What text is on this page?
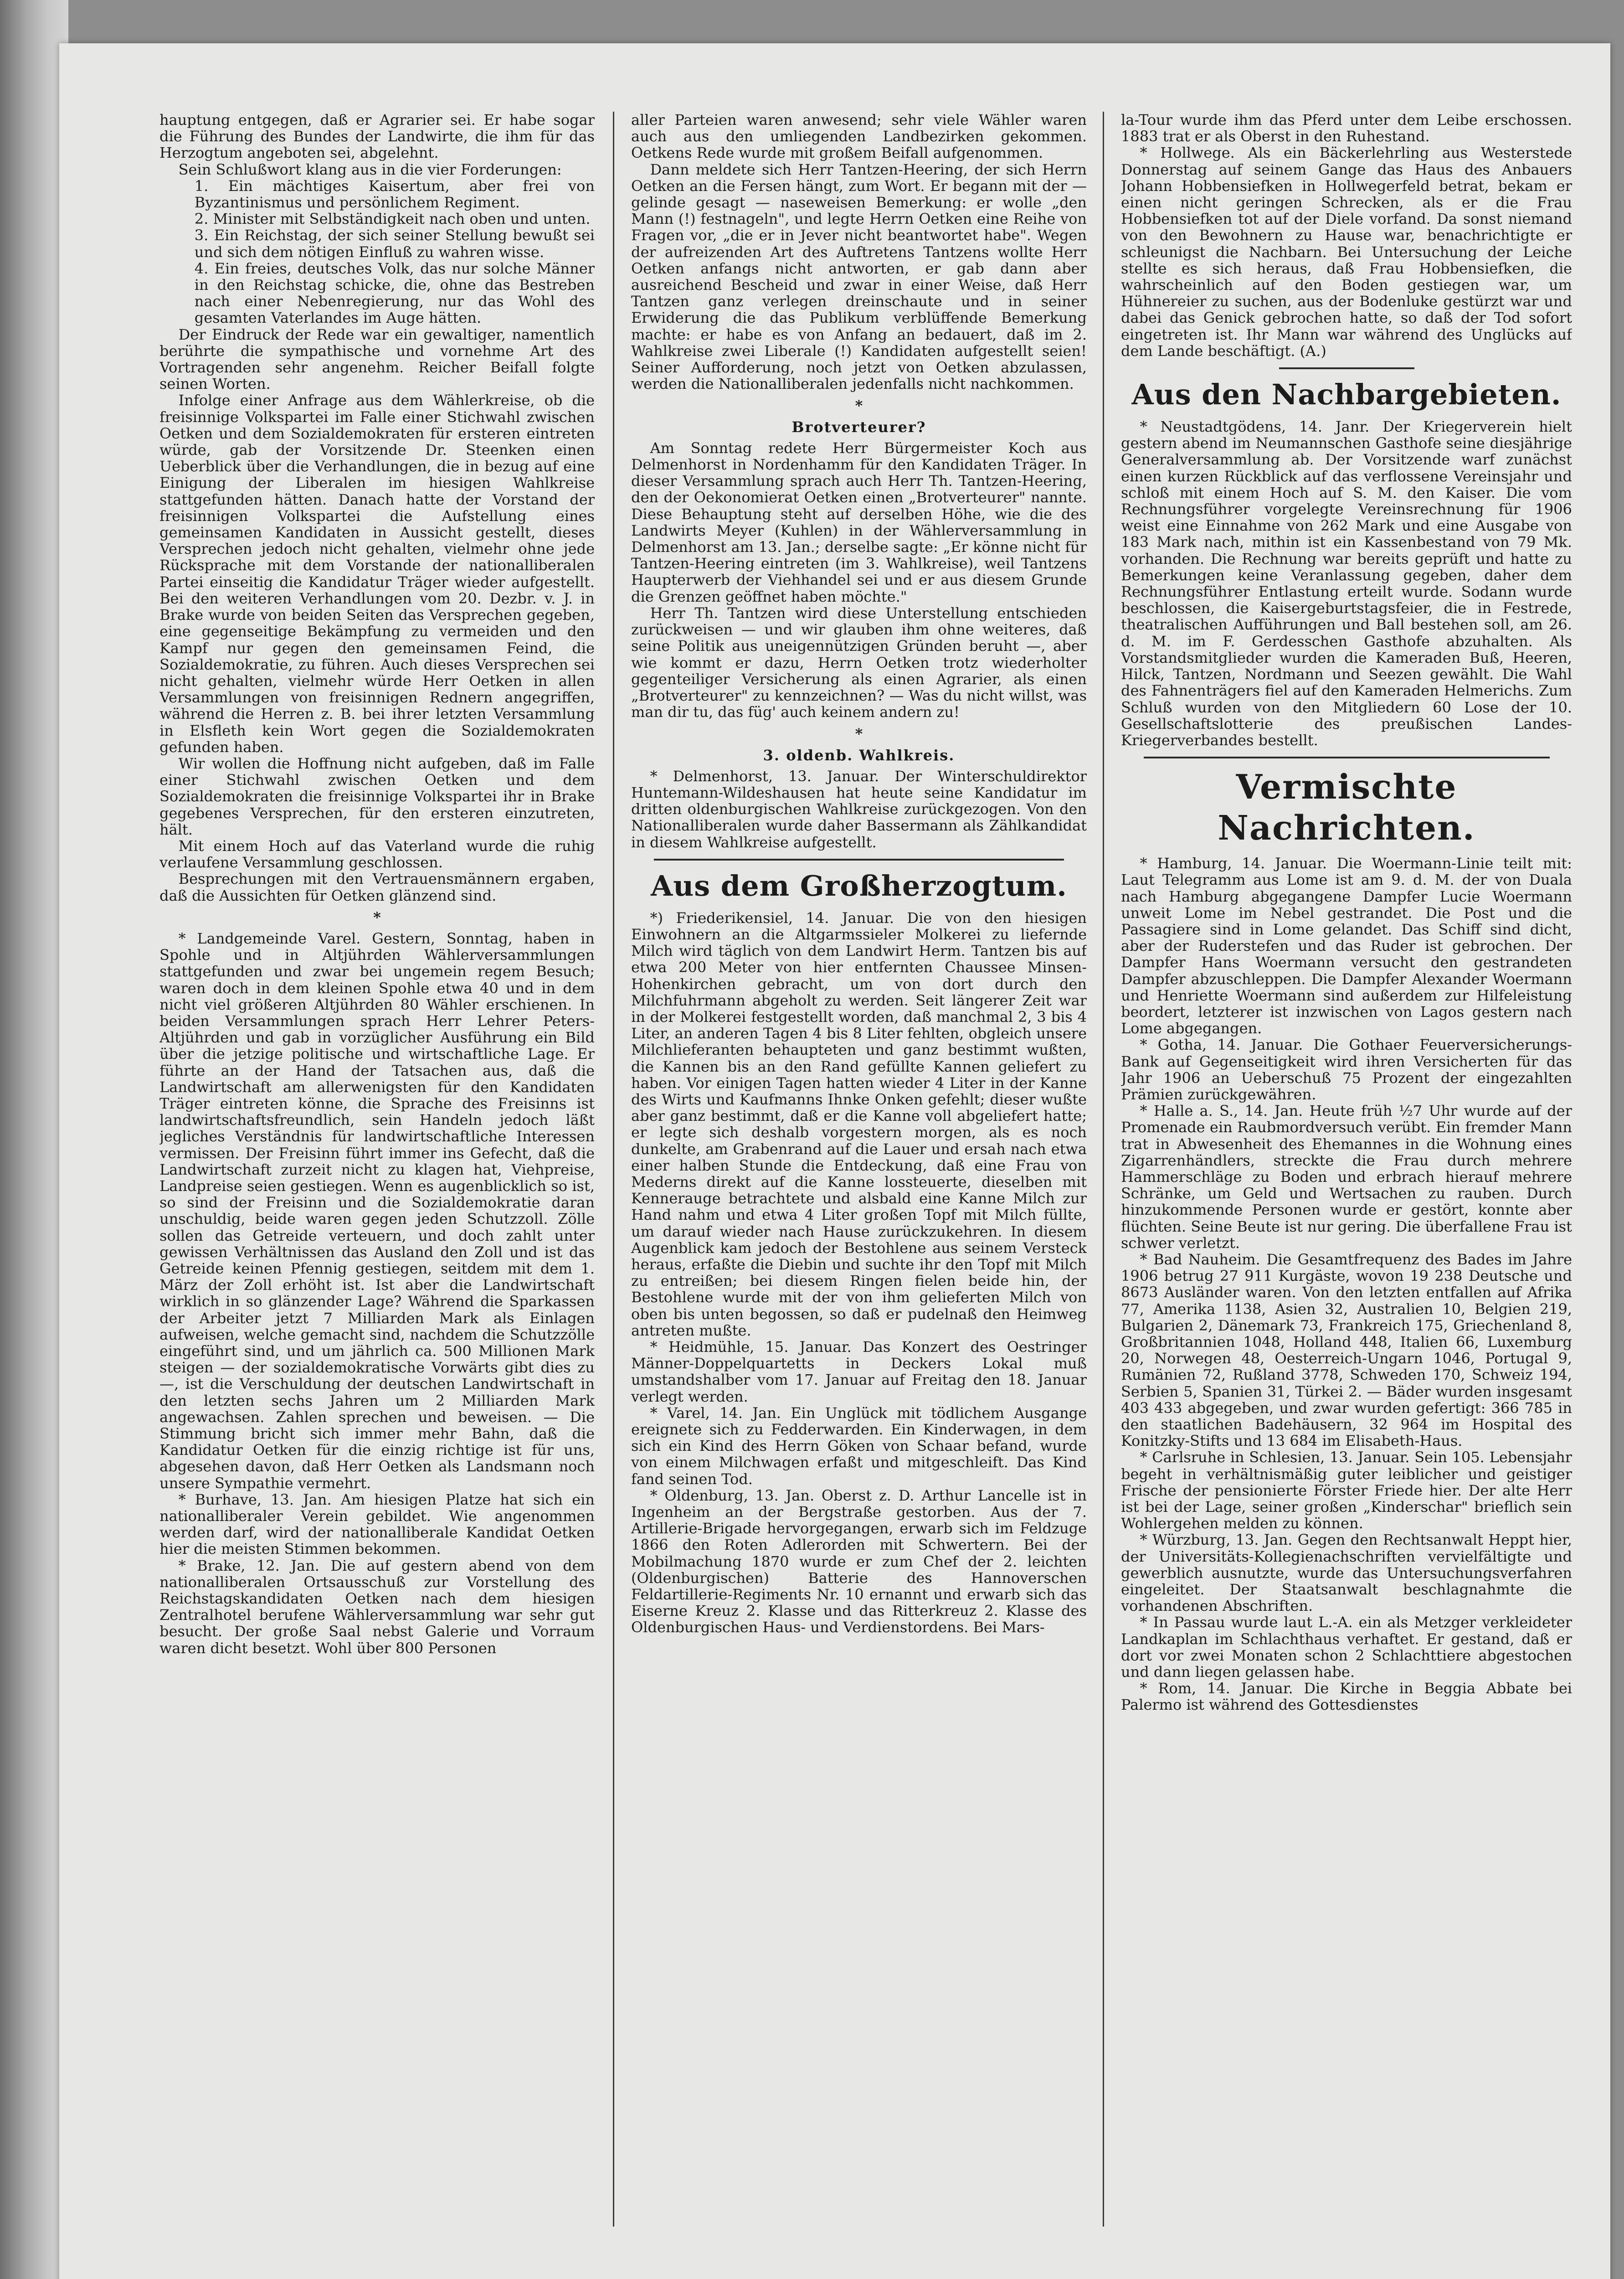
hauptung entgegen, daß er Agrarier sei. Er habe sogar die Führung des Bundes der Landwirte, die ihm für das Herzogtum angeboten sei, abgelehnt.

Sein Schlußwort klang aus in die vier Forderungen:

1. Ein mächtiges Kaisertum, aber frei von Byzantinismus und persönlichem Regiment.

2. Minister mit Selbständigkeit nach oben und unten.

3. Ein Reichstag, der sich seiner Stellung bewußt sei und sich dem nötigen Einfluß zu wahren wisse.

4. Ein freies, deutsches Volk, das nur solche Männer in den Reichstag schicke, die, ohne das Bestreben nach einer Nebenregierung, nur das Wohl des gesamten Vaterlandes im Auge hätten.

Der Eindruck der Rede war ein gewaltiger, namentlich berührte die sympathische und vornehme Art des Vortragenden sehr angenehm. Reicher Beifall folgte seinen Worten.

Infolge einer Anfrage aus dem Wählerkreise, ob die freisinnige Volkspartei im Falle einer Stichwahl zwischen Oetken und dem Sozialdemokraten für ersteren eintreten würde, gab der Vorsitzende Dr. Steenken einen Ueberblick über die Verhandlungen, die in bezug auf eine Einigung der Liberalen im hiesigen Wahlkreise stattgefunden hätten. Danach hatte der Vorstand der freisinnigen Volkspartei die Aufstellung eines gemeinsamen Kandidaten in Aussicht gestellt, dieses Versprechen jedoch nicht gehalten, vielmehr ohne jede Rücksprache mit dem Vorstande der nationalliberalen Partei einseitig die Kandidatur Träger wieder aufgestellt. Bei den weiteren Verhandlungen vom 20. Dezbr. v. J. in Brake wurde von beiden Seiten das Versprechen gegeben, eine gegenseitige Bekämpfung zu vermeiden und den Kampf nur gegen den gemeinsamen Feind, die Sozialdemokratie, zu führen. Auch dieses Versprechen sei nicht gehalten, vielmehr würde Herr Oetken in allen Versammlungen von freisinnigen Rednern angegriffen, während die Herren z. B. bei ihrer letzten Versammlung in Elsfleth kein Wort gegen die Sozialdemokraten gefunden haben.

Wir wollen die Hoffnung nicht aufgeben, daß im Falle einer Stichwahl zwischen Oetken und dem Sozialdemokraten die freisinnige Volkspartei ihr in Brake gegebenes Versprechen, für den ersteren einzutreten, hält.

Mit einem Hoch auf das Vaterland wurde die ruhig verlaufene Versammlung geschlossen.

Besprechungen mit den Vertrauensmännern ergaben, daß die Aussichten für Oetken glänzend sind.

*

* Landgemeinde Varel. Gestern, Sonntag, haben in Spohle und in Altjührden Wählerversammlungen stattgefunden und zwar bei ungemein regem Besuch; waren doch in dem kleinen Spohle etwa 40 und in dem nicht viel größeren Altjührden 80 Wähler erschienen. In beiden Versammlungen sprach Herr Lehrer Peters-Altjührden und gab in vorzüglicher Ausführung ein Bild über die jetzige politische und wirtschaftliche Lage. Er führte an der Hand der Tatsachen aus, daß die Landwirtschaft am allerwenigsten für den Kandidaten Träger eintreten könne, die Sprache des Freisinns ist landwirtschaftsfreundlich, sein Handeln jedoch läßt jegliches Verständnis für landwirtschaftliche Interessen vermissen. Der Freisinn führt immer ins Gefecht, daß die Landwirtschaft zurzeit nicht zu klagen hat, Viehpreise, Landpreise seien gestiegen. Wenn es augenblicklich so ist, so sind der Freisinn und die Sozialdemokratie daran unschuldig, beide waren gegen jeden Schutzzoll. Zölle sollen das Getreide verteuern, und doch zahlt unter gewissen Verhältnissen das Ausland den Zoll und ist das Getreide keinen Pfennig gestiegen, seitdem mit dem 1. März der Zoll erhöht ist. Ist aber die Landwirtschaft wirklich in so glänzender Lage? Während die Sparkassen der Arbeiter jetzt 7 Milliarden Mark als Einlagen aufweisen, welche gemacht sind, nachdem die Schutzzölle eingeführt sind, und um jährlich ca. 500 Millionen Mark steigen — der sozialdemokratische Vorwärts gibt dies zu —, ist die Verschuldung der deutschen Landwirtschaft in den letzten sechs Jahren um 2 Milliarden Mark angewachsen. Zahlen sprechen und beweisen. — Die Stimmung bricht sich immer mehr Bahn, daß die Kandidatur Oetken für die einzig richtige ist für uns, abgesehen davon, daß Herr Oetken als Landsmann noch unsere Sympathie vermehrt.

* Burhave, 13. Jan. Am hiesigen Platze hat sich ein nationalliberaler Verein gebildet. Wie angenommen werden darf, wird der nationalliberale Kandidat Oetken hier die meisten Stimmen bekommen.

* Brake, 12. Jan. Die auf gestern abend von dem nationalliberalen Ortsausschuß zur Vorstellung des Reichstagskandidaten Oetken nach dem hiesigen Zentralhotel berufene Wählerversammlung war sehr gut besucht. Der große Saal nebst Galerie und Vorraum waren dicht besetzt. Wohl über 800 Personen

aller Parteien waren anwesend; sehr viele Wähler waren auch aus den umliegenden Landbezirken gekommen. Oetkens Rede wurde mit großem Beifall aufgenommen.

Dann meldete sich Herr Tantzen-Heering, der sich Herrn Oetken an die Fersen hängt, zum Wort. Er begann mit der — gelinde gesagt — naseweisen Bemerkung: er wolle „den Mann (!) festnageln", und legte Herrn Oetken eine Reihe von Fragen vor, „die er in Jever nicht beantwortet habe". Wegen der aufreizenden Art des Auftretens Tantzens wollte Herr Oetken anfangs nicht antworten, er gab dann aber ausreichend Bescheid und zwar in einer Weise, daß Herr Tantzen ganz verlegen dreinschaute und in seiner Erwiderung die das Publikum verblüffende Bemerkung machte: er habe es von Anfang an bedauert, daß im 2. Wahlkreise zwei Liberale (!) Kandidaten aufgestellt seien! Seiner Aufforderung, noch jetzt von Oetken abzulassen, werden die Nationalliberalen jedenfalls nicht nachkommen.

*

Brotverteurer?

Am Sonntag redete Herr Bürgermeister Koch aus Delmenhorst in Nordenhamm für den Kandidaten Träger. In dieser Versammlung sprach auch Herr Th. Tantzen-Heering, den der Oekonomierat Oetken einen „Brotverteurer" nannte. Diese Behauptung steht auf derselben Höhe, wie die des Landwirts Meyer (Kuhlen) in der Wählerversammlung in Delmenhorst am 13. Jan.; derselbe sagte: „Er könne nicht für Tantzen-Heering eintreten (im 3. Wahlkreise), weil Tantzens Haupterwerb der Viehhandel sei und er aus diesem Grunde die Grenzen geöffnet haben möchte."

Herr Th. Tantzen wird diese Unterstellung entschieden zurückweisen — und wir glauben ihm ohne weiteres, daß seine Politik aus uneigennützigen Gründen beruht —, aber wie kommt er dazu, Herrn Oetken trotz wiederholter gegenteiliger Versicherung als einen Agrarier, als einen „Brotverteurer" zu kennzeichnen? — Was du nicht willst, was man dir tu, das füg' auch keinem andern zu!

*

3. oldenb. Wahlkreis.

* Delmenhorst, 13. Januar. Der Winterschuldirektor Huntemann-Wildeshausen hat heute seine Kandidatur im dritten oldenburgischen Wahlkreise zurückgezogen. Von den Nationalliberalen wurde daher Bassermann als Zählkandidat in diesem Wahlkreise aufgestellt.

Aus dem Großherzogtum.

*) Friederikensiel, 14. Januar. Die von den hiesigen Einwohnern an die Altgarmssieler Molkerei zu liefernde Milch wird täglich von dem Landwirt Herm. Tantzen bis auf etwa 200 Meter von hier entfernten Chaussee Minsen-Hohenkirchen gebracht, um von dort durch den Milchfuhrmann abgeholt zu werden. Seit längerer Zeit war in der Molkerei festgestellt worden, daß manchmal 2, 3 bis 4 Liter, an anderen Tagen 4 bis 8 Liter fehlten, obgleich unsere Milchlieferanten behaupteten und ganz bestimmt wußten, die Kannen bis an den Rand gefüllte Kannen geliefert zu haben. Vor einigen Tagen hatten wieder 4 Liter in der Kanne des Wirts und Kaufmanns Ihnke Onken gefehlt; dieser wußte aber ganz bestimmt, daß er die Kanne voll abgeliefert hatte; er legte sich deshalb vorgestern morgen, als es noch dunkelte, am Grabenrand auf die Lauer und ersah nach etwa einer halben Stunde die Entdeckung, daß eine Frau von Mederns direkt auf die Kanne lossteuerte, dieselben mit Kennerauge betrachtete und alsbald eine Kanne Milch zur Hand nahm und etwa 4 Liter großen Topf mit Milch füllte, um darauf wieder nach Hause zurückzukehren. In diesem Augenblick kam jedoch der Bestohlene aus seinem Versteck heraus, erfaßte die Diebin und suchte ihr den Topf mit Milch zu entreißen; bei diesem Ringen fielen beide hin, der Bestohlene wurde mit der von ihm gelieferten Milch von oben bis unten begossen, so daß er pudelnaß den Heimweg antreten mußte.

* Heidmühle, 15. Januar. Das Konzert des Oestringer Männer-Doppelquartetts in Deckers Lokal muß umstandshalber vom 17. Januar auf Freitag den 18. Januar verlegt werden.

* Varel, 14. Jan. Ein Unglück mit tödlichem Ausgange ereignete sich zu Fedderwarden. Ein Kinderwagen, in dem sich ein Kind des Herrn Göken von Schaar befand, wurde von einem Milchwagen erfaßt und mitgeschleift. Das Kind fand seinen Tod.

* Oldenburg, 13. Jan. Oberst z. D. Arthur Lancelle ist in Ingenheim an der Bergstraße gestorben. Aus der 7. Artillerie-Brigade hervorgegangen, erwarb sich im Feldzuge 1866 den Roten Adlerorden mit Schwertern. Bei der Mobilmachung 1870 wurde er zum Chef der 2. leichten (Oldenburgischen) Batterie des Hannoverschen Feldartillerie-Regiments Nr. 10 ernannt und erwarb sich das Eiserne Kreuz 2. Klasse und das Ritterkreuz 2. Klasse des Oldenburgischen Haus- und Verdienstordens. Bei Mars-

la-Tour wurde ihm das Pferd unter dem Leibe erschossen. 1883 trat er als Oberst in den Ruhestand.

* Hollwege. Als ein Bäckerlehrling aus Westerstede Donnerstag auf seinem Gange das Haus des Anbauers Johann Hobbensiefken in Hollwegerfeld betrat, bekam er einen nicht geringen Schrecken, als er die Frau Hobbensiefken tot auf der Diele vorfand. Da sonst niemand von den Bewohnern zu Hause war, benachrichtigte er schleunigst die Nachbarn. Bei Untersuchung der Leiche stellte es sich heraus, daß Frau Hobbensiefken, die wahrscheinlich auf den Boden gestiegen war, um Hühnereier zu suchen, aus der Bodenluke gestürzt war und dabei das Genick gebrochen hatte, so daß der Tod sofort eingetreten ist. Ihr Mann war während des Unglücks auf dem Lande beschäftigt. (A.)

Aus den Nachbargebieten.

* Neustadtgödens, 14. Janr. Der Kriegerverein hielt gestern abend im Neumannschen Gasthofe seine diesjährige Generalversammlung ab. Der Vorsitzende warf zunächst einen kurzen Rückblick auf das verflossene Vereinsjahr und schloß mit einem Hoch auf S. M. den Kaiser. Die vom Rechnungsführer vorgelegte Vereinsrechnung für 1906 weist eine Einnahme von 262 Mark und eine Ausgabe von 183 Mark nach, mithin ist ein Kassenbestand von 79 Mk. vorhanden. Die Rechnung war bereits geprüft und hatte zu Bemerkungen keine Veranlassung gegeben, daher dem Rechnungsführer Entlastung erteilt wurde. Sodann wurde beschlossen, die Kaisergeburtstagsfeier, die in Festrede, theatralischen Aufführungen und Ball bestehen soll, am 26. d. M. im F. Gerdesschen Gasthofe abzuhalten. Als Vorstandsmitglieder wurden die Kameraden Buß, Heeren, Hilck, Tantzen, Nordmann und Seezen gewählt. Die Wahl des Fahnenträgers fiel auf den Kameraden Helmerichs. Zum Schluß wurden von den Mitgliedern 60 Lose der 10. Gesellschaftslotterie des preußischen Landes-Kriegerverbandes bestellt.

Vermischte Nachrichten.

* Hamburg, 14. Januar. Die Woermann-Linie teilt mit: Laut Telegramm aus Lome ist am 9. d. M. der von Duala nach Hamburg abgegangene Dampfer Lucie Woermann unweit Lome im Nebel gestrandet. Die Post und die Passagiere sind in Lome gelandet. Das Schiff sind dicht, aber der Ruderstefen und das Ruder ist gebrochen. Der Dampfer Hans Woermann versucht den gestrandeten Dampfer abzuschleppen. Die Dampfer Alexander Woermann und Henriette Woermann sind außerdem zur Hilfeleistung beordert, letzterer ist inzwischen von Lagos gestern nach Lome abgegangen.

* Gotha, 14. Januar. Die Gothaer Feuerversicherungs-Bank auf Gegenseitigkeit wird ihren Versicherten für das Jahr 1906 an Ueberschuß 75 Prozent der eingezahlten Prämien zurückgewähren.

* Halle a. S., 14. Jan. Heute früh ½7 Uhr wurde auf der Promenade ein Raubmordversuch verübt. Ein fremder Mann trat in Abwesenheit des Ehemannes in die Wohnung eines Zigarrenhändlers, streckte die Frau durch mehrere Hammerschläge zu Boden und erbrach hierauf mehrere Schränke, um Geld und Wertsachen zu rauben. Durch hinzukommende Personen wurde er gestört, konnte aber flüchten. Seine Beute ist nur gering. Die überfallene Frau ist schwer verletzt.

* Bad Nauheim. Die Gesamtfrequenz des Bades im Jahre 1906 betrug 27 911 Kurgäste, wovon 19 238 Deutsche und 8673 Ausländer waren. Von den letzten entfallen auf Afrika 77, Amerika 1138, Asien 32, Australien 10, Belgien 219, Bulgarien 2, Dänemark 73, Frankreich 175, Griechenland 8, Großbritannien 1048, Holland 448, Italien 66, Luxemburg 20, Norwegen 48, Oesterreich-Ungarn 1046, Portugal 9, Rumänien 72, Rußland 3778, Schweden 170, Schweiz 194, Serbien 5, Spanien 31, Türkei 2. — Bäder wurden insgesamt 403 433 abgegeben, und zwar wurden gefertigt: 366 785 in den staatlichen Badehäusern, 32 964 im Hospital des Konitzky-Stifts und 13 684 im Elisabeth-Haus.

* Carlsruhe in Schlesien, 13. Januar. Sein 105. Lebensjahr begeht in verhältnismäßig guter leiblicher und geistiger Frische der pensionierte Förster Friede hier. Der alte Herr ist bei der Lage, seiner großen „Kinderschar" brieflich sein Wohlergehen melden zu können.

* Würzburg, 13. Jan. Gegen den Rechtsanwalt Heppt hier, der Universitäts-Kollegienachschriften vervielfältigte und gewerblich ausnutzte, wurde das Untersuchungsverfahren eingeleitet. Der Staatsanwalt beschlagnahmte die vorhandenen Abschriften.

* In Passau wurde laut L.-A. ein als Metzger verkleideter Landkaplan im Schlachthaus verhaftet. Er gestand, daß er dort vor zwei Monaten schon 2 Schlachttiere abgestochen und dann liegen gelassen habe.

* Rom, 14. Januar. Die Kirche in Beggia Abbate bei Palermo ist während des Gottesdienstes
